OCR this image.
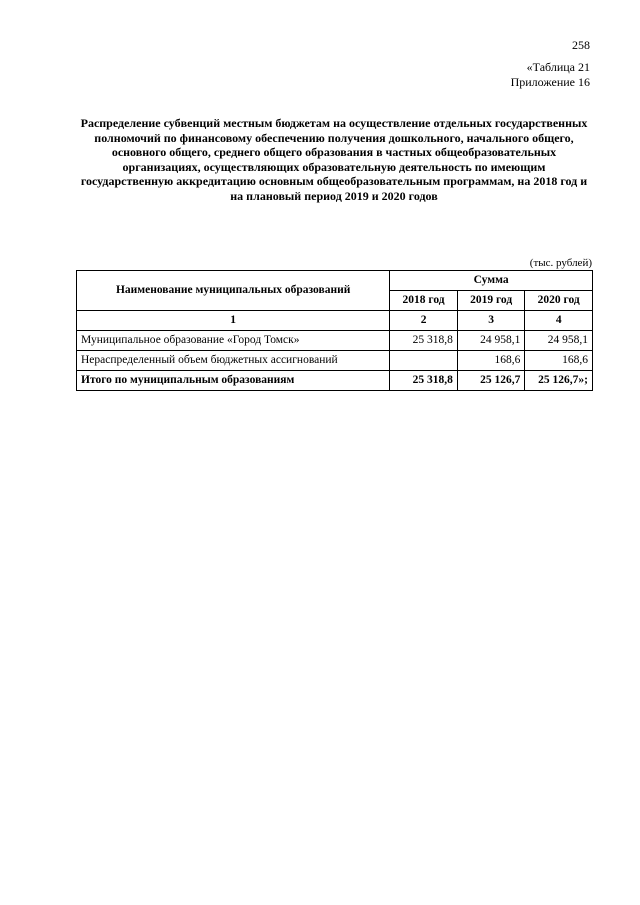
258
«Таблица 21
Приложение 16
Распределение субвенций местным бюджетам на осуществление отдельных государственных полномочий по финансовому обеспечению получения дошкольного, начального общего, основного общего, среднего общего образования в частных общеобразовательных организациях, осуществляющих образовательную деятельность по имеющим государственную аккредитацию основным общеобразовательным программам, на 2018 год и на плановый период 2019 и 2020 годов
(тыс. рублей)
Наименование муниципальных образований	Сумма		
	2018 год	2019 год	2020 год
1	2	3	4
Муниципальное образование «Город Томск»	25 318,8	24 958,1	24 958,1
Нераспределенный объем бюджетных ассигнований		168,6	168,6
Итого по муниципальным образованиям	25 318,8	25 126,7	25 126,7»;
